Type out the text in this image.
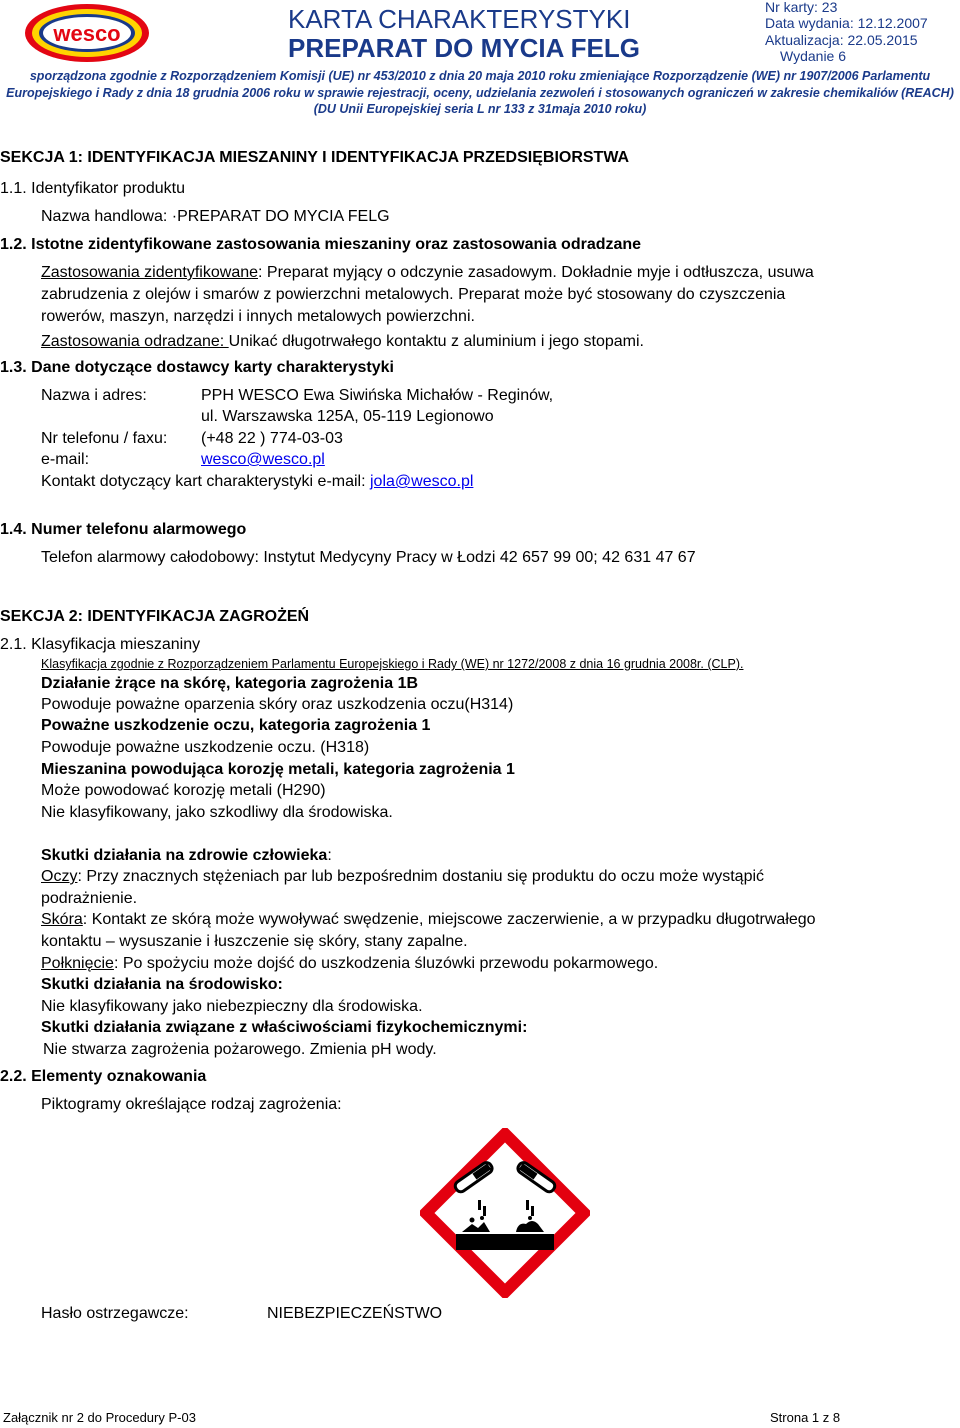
wesco	KARTA CHARAKTERYSTYKI
PREPARAT DO MYCIA FELG
Nr karty: 23
Data wydania: 12.12.2007
Aktualizacja: 22.05.2015
Wydanie 6
sporządzona zgodnie z Rozporządzeniem Komisji (UE) nr 453/2010 z dnia 20 maja 2010 roku zmieniające Rozporządzenie (WE) nr 1907/2006 Parlamentu
Europejskiego i Rady z dnia 18 grudnia 2006 roku w sprawie rejestracji, oceny, udzielania zezwoleń i stosowanych ograniczeń w zakresie chemikaliów (REACH)
(DU Unii Europejskiej seria L nr 133 z 31maja 2010 roku)
SEKCJA 1: IDENTYFIKACJA MIESZANINY I IDENTYFIKACJA PRZEDSIĘBIORSTWA
1.1. Identyfikator produktu
Nazwa handlowa: ·PREPARAT DO MYCIA FELG
1.2. Istotne zidentyfikowane zastosowania mieszaniny oraz zastosowania odradzane
Zastosowania zidentyfikowane: Preparat myjący o odczynie zasadowym. Dokładnie myje i odtłuszcza, usuwa
zabrudzenia z olejów i smarów z powierzchni metalowych. Preparat może być stosowany do czyszczenia
rowerów, maszyn, narzędzi i innych metalowych powierzchni.
Zastosowania odradzane: Unikać długotrwałego kontaktu z aluminium i jego stopami.
1.3. Dane dotyczące dostawcy karty charakterystyki
Nazwa i adres:	PPH WESCO Ewa Siwińska Michałów - Reginów,
ul. Warszawska 125A, 05-119 Legionowo
Nr telefonu / faxu: (+48 22 ) 774-03-03
e-mail:	wesco@wesco.pl
Kontakt dotyczący kart charakterystyki e-mail: jola@wesco.pl
1.4. Numer telefonu alarmowego
Telefon alarmowy całodobowy: Instytut Medycyny Pracy w Łodzi 42 657 99 00; 42 631 47 67
SEKCJA 2: IDENTYFIKACJA ZAGROŻEŃ
2.1. Klasyfikacja mieszaniny
Klasyfikacja zgodnie z Rozporządzeniem Parlamentu Europejskiego i Rady (WE) nr 1272/2008 z dnia 16 grudnia 2008r. (CLP).
Działanie żrące na skórę, kategoria zagrożenia 1B
Powoduje poważne oparzenia skóry oraz uszkodzenia oczu(H314)
Poważne uszkodzenie oczu, kategoria zagrożenia 1
Powoduje poważne uszkodzenie oczu. (H318)
Mieszanina powodująca korozję metali, kategoria zagrożenia 1
Może powodować korozję metali (H290)
Nie klasyfikowany, jako szkodliwy dla środowiska.
Skutki działania na zdrowie człowieka:
Oczy: Przy znacznych stężeniach par lub bezpośrednim dostaniu się produktu do oczu może wystąpić
podrażnienie.
Skóra: Kontakt ze skórą może wywoływać swędzenie, miejscowe zaczerwienie, a w przypadku długotrwałego
kontaktu – wysuszanie i łuszczenie się skóry, stany zapalne.
Połknięcie: Po spożyciu może dojść do uszkodzenia śluzówki przewodu pokarmowego.
Skutki działania na środowisko:
Nie klasyfikowany jako niebezpieczny dla środowiska.
Skutki działania związane z właściwościami fizykochemicznymi:
Nie stwarza zagrożenia pożarowego. Zmienia pH wody.
2.2. Elementy oznakowania
Piktogramy określające rodzaj zagrożenia:
Hasło ostrzegawcze:	NIEBEZPIECZEŃSTWO
Załącznik nr 2 do Procedury P-03	Strona 1 z 8
